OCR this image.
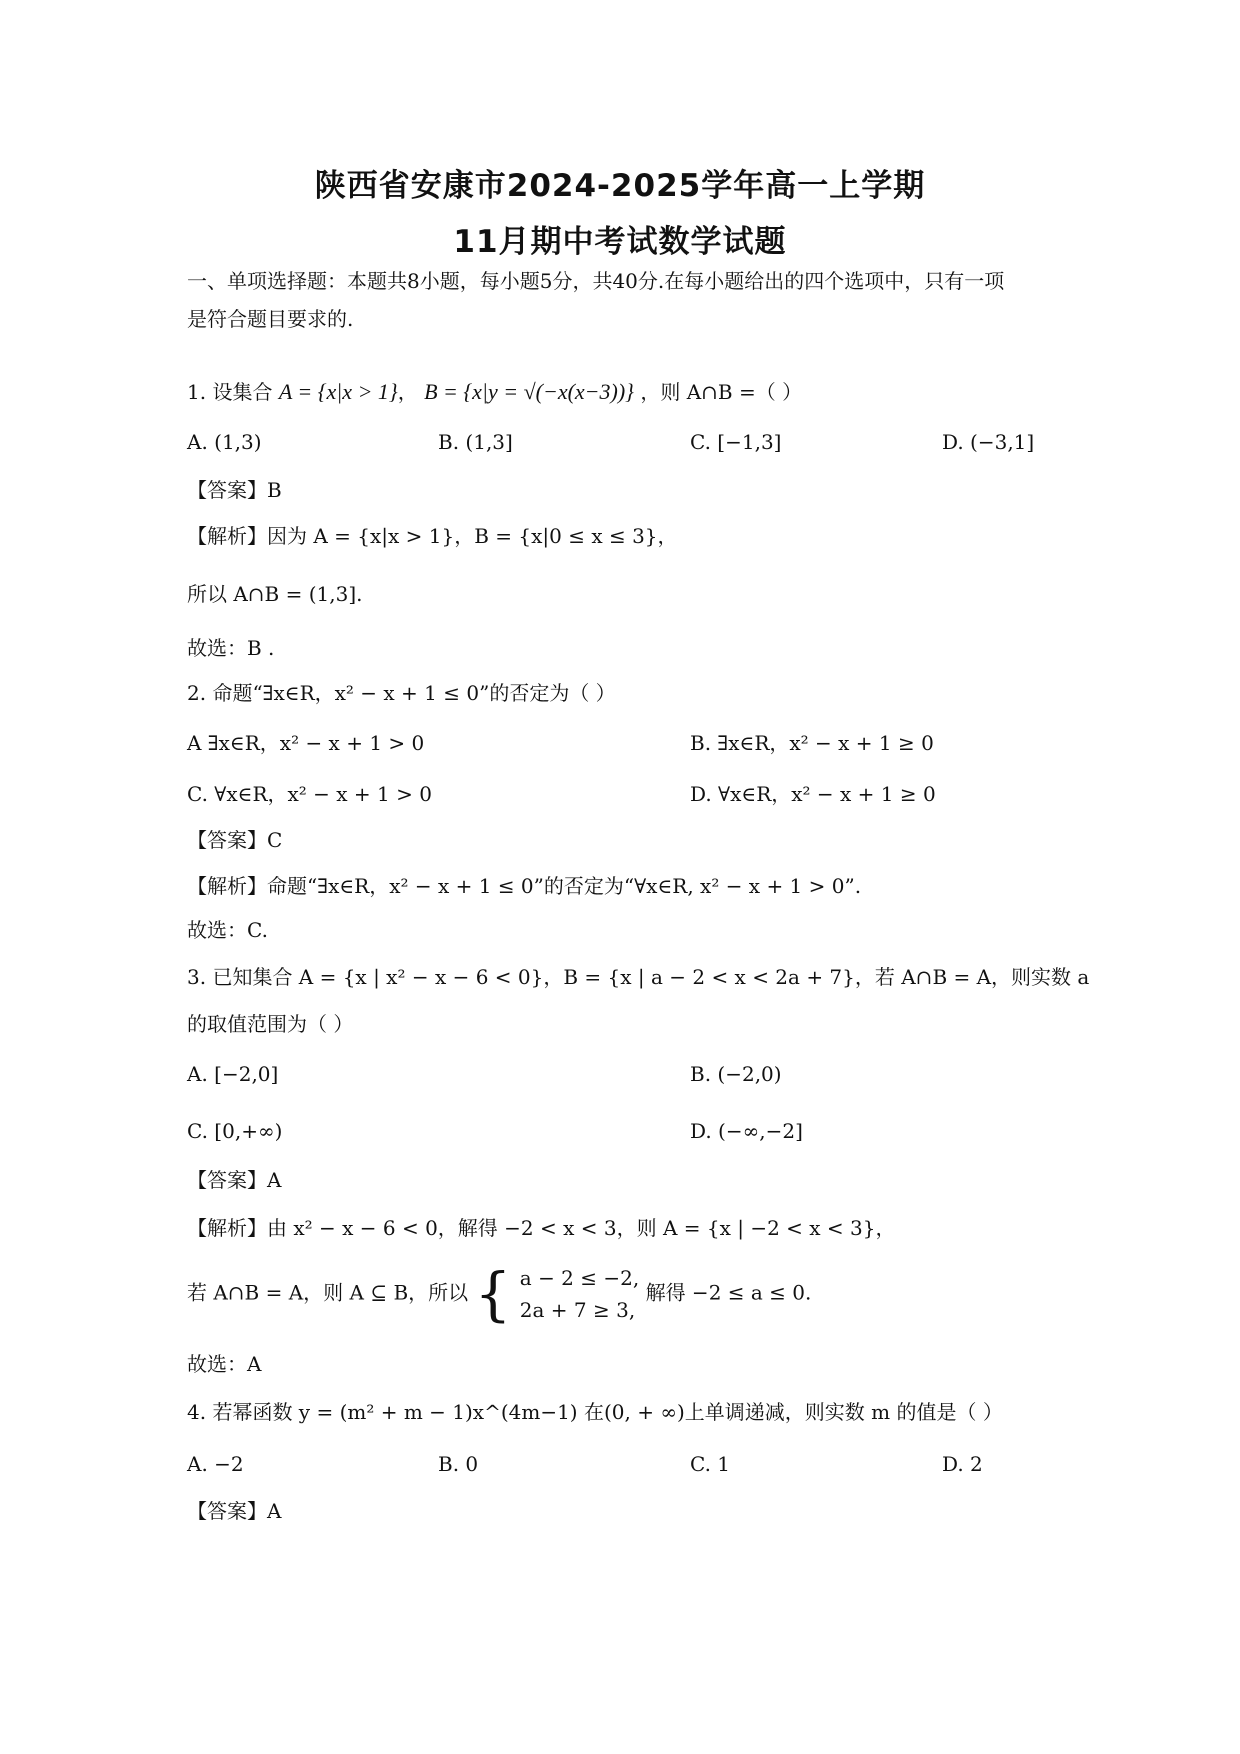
陕西省安康市2024-2025学年高一上学期
11月期中考试数学试题
一、单项选择题：本题共8小题，每小题5分，共40分.在每小题给出的四个选项中，只有一项
是符合题目要求的.
1. 设集合 A = {x|x > 1}， B = {x|y = √(−x(x−3))} ，则 A∩B =（ ）
A. (1,3)	B. (1,3]	C. [−1,3]	D. (−3,1]
【答案】B
【解析】因为 A = {x|x > 1}，B = {x|0 ≤ x ≤ 3}，
所以 A∩B = (1,3].
故选：B .
2. 命题“∃x∈R，x² − x + 1 ≤ 0”的否定为（ ）
A ∃x∈R，x² − x + 1 > 0	B. ∃x∈R，x² − x + 1 ≥ 0
C. ∀x∈R，x² − x + 1 > 0	D. ∀x∈R，x² − x + 1 ≥ 0
【答案】C
【解析】命题“∃x∈R，x² − x + 1 ≤ 0”的否定为“∀x∈R, x² − x + 1 > 0”.
故选：C.
3. 已知集合 A = {x | x² − x − 6 < 0}，B = {x | a − 2 < x < 2a + 7}，若 A∩B = A，则实数 a
的取值范围为（ ）
A. [−2,0]	B. (−2,0)
C. [0,+∞)	D. (−∞,−2]
【答案】A
【解析】由 x² − x − 6 < 0，解得 −2 < x < 3，则 A = {x | −2 < x < 3}，
若 A∩B = A，则 A ⊆ B，所以 { a − 2 ≤ −2,
2a + 7 ≥ 3, 解得 −2 ≤ a ≤ 0.
故选：A
4. 若幂函数 y = (m² + m − 1)x^(4m−1) 在(0, + ∞)上单调递减，则实数 m 的值是（ ）
A. −2	B. 0	C. 1	D. 2
【答案】A
